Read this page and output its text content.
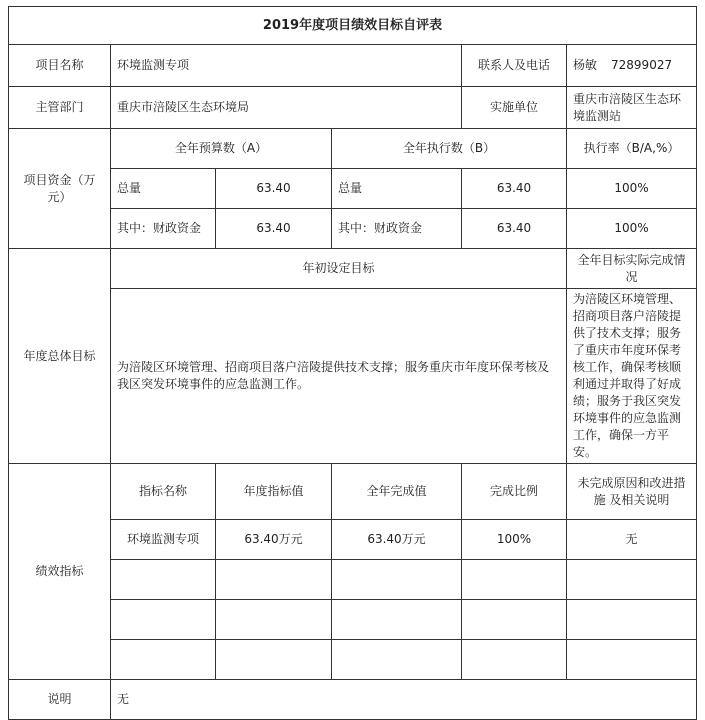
2019年度项目绩效目标自评表					
项目名称	环境监测专项			联系人及电话	杨敏 72899027
主管部门	重庆市涪陵区生态环境局			实施单位	重庆市涪陵区生态环境监测站
项目资金（万元）	全年预算数（A）		全年执行数（B）		执行率（B/A,%）
	总量	63.40	总量	63.40	100%
	其中：财政资金	63.40	其中：财政资金	63.40	100%
年度总体目标	年初设定目标				全年目标实际完成情况
	为涪陵区环境管理、招商项目落户涪陵提供技术支撑；服务重庆市年度环保考核及我区突发环境事件的应急监测工作。				为涪陵区环境管理、招商项目落户涪陵提供了技术支撑；服务了重庆市年度环保考核工作，确保考核顺利通过并取得了好成绩；服务于我区突发环境事件的应急监测工作，确保一方平安。
绩效指标	指标名称	年度指标值	全年完成值	完成比例	未完成原因和改进措施 及相关说明
	环境监测专项	63.40万元	63.40万元	100%	无

说明	无				
